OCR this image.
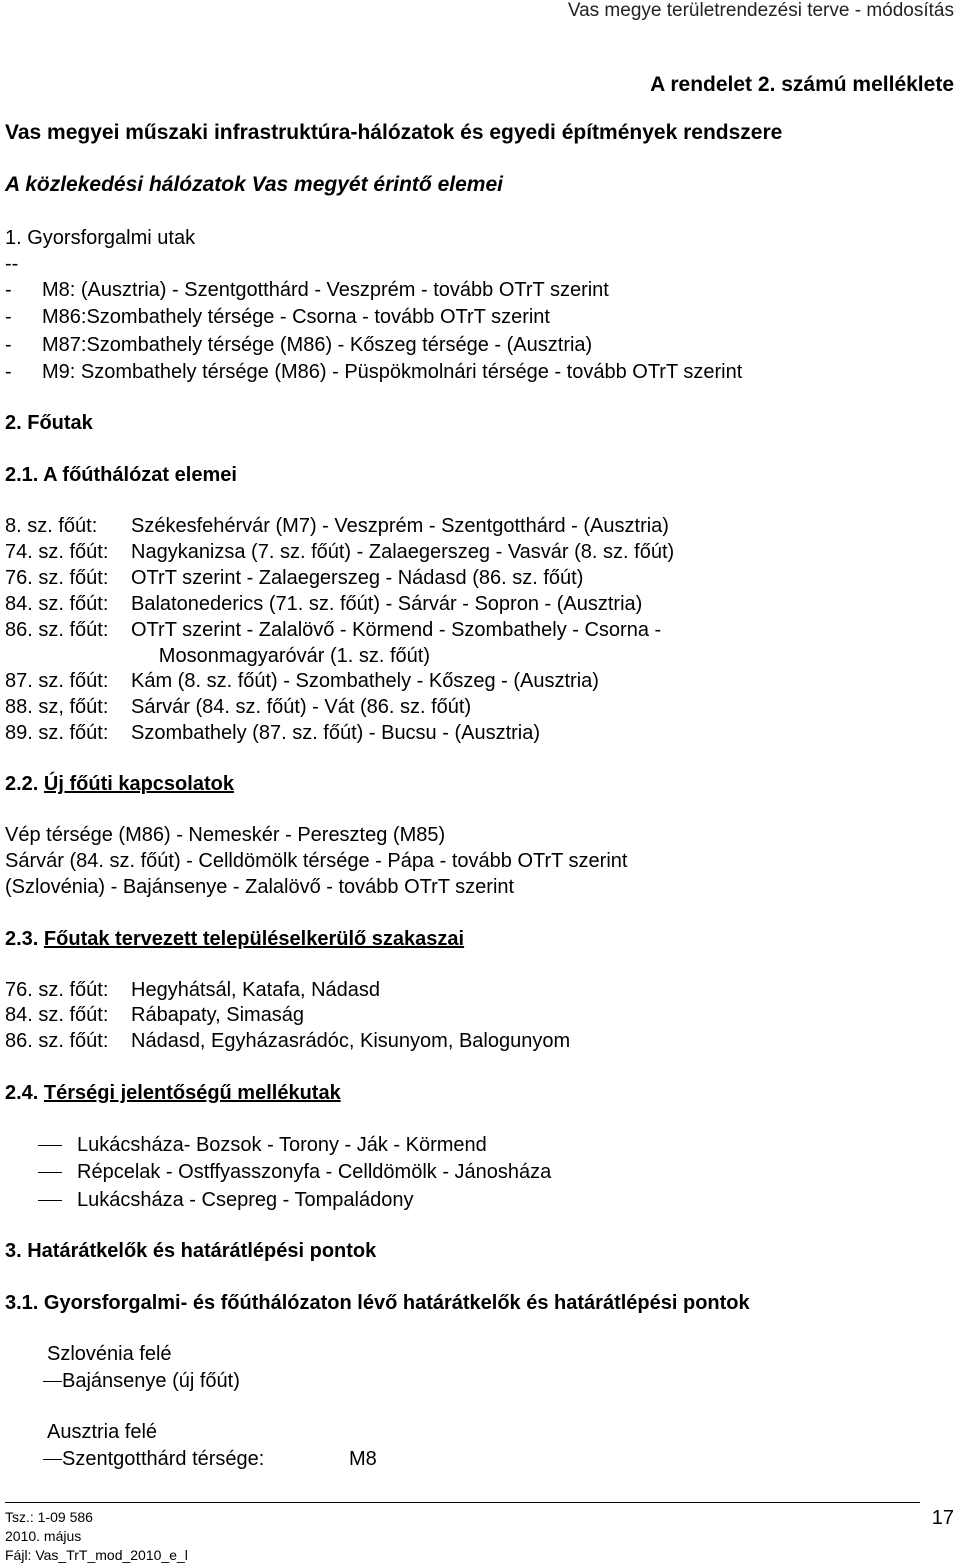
Vas megye területrendezési terve - módosítás
A rendelet 2. számú melléklete
Vas megyei műszaki infrastruktúra-hálózatok és egyedi építmények rendszere
A közlekedési hálózatok Vas megyét érintő elemei
1. Gyorsforgalmi utak
--
- M8: (Ausztria) - Szentgotthárd - Veszprém - tovább OTrT szerint
- M86:Szombathely térsége - Csorna - tovább OTrT szerint
- M87:Szombathely térsége (M86) - Kőszeg térsége - (Ausztria)
- M9: Szombathely térsége (M86) - Püspökmolnári térsége - tovább OTrT szerint
2. Főutak
2.1. A főúthálózat elemei
8. sz. főút: Székesfehérvár (M7) - Veszprém - Szentgotthárd - (Ausztria)
74. sz. főút: Nagykanizsa (7. sz. főút) - Zalaegerszeg - Vasvár (8. sz. főút)
76. sz. főút: OTrT szerint - Zalaegerszeg - Nádasd (86. sz. főút)
84. sz. főút: Balatonederics (71. sz. főút) - Sárvár - Sopron - (Ausztria)
86. sz. főút: OTrT szerint - Zalalövő - Körmend - Szombathely - Csorna -
Mosonmagyaróvár (1. sz. főút)
87. sz. főút: Kám (8. sz. főút) - Szombathely - Kőszeg - (Ausztria)
88. sz, főút: Sárvár (84. sz. főút) - Vát (86. sz. főút)
89. sz. főút: Szombathely (87. sz. főút) - Bucsu - (Ausztria)
2.2. Új főúti kapcsolatok
Vép térsége (M86) - Nemeskér - Pereszteg (M85)
Sárvár (84. sz. főút) - Celldömölk térsége - Pápa - tovább OTrT szerint
(Szlovénia) - Bajánsenye - Zalalövő - tovább OTrT szerint
2.3. Főutak tervezett településelkerülő szakaszai
76. sz. főút: Hegyhátsál, Katafa, Nádasd
84. sz. főút: Rábapaty, Simaság
86. sz. főút: Nádasd, Egyházasrádóc, Kisunyom, Balogunyom
2.4. Térségi jelentőségű mellékutak
Lukácsháza- Bozsok - Torony - Ják - Körmend
Répcelak - Ostffyasszonyfa - Celldömölk - Jánosháza
Lukácsháza - Csepreg - Tompaládony
3. Határátkelők és határátlépési pontok
3.1. Gyorsforgalmi- és főúthálózaton lévő határátkelők és határátlépési pontok
Szlovénia felé
Bajánsenye (új főút)
Ausztria felé
Szentgotthárd térsége:	M8
Tsz.: 1-09 586
2010. május
Fájl: Vas_TrT_mod_2010_e_l
17
